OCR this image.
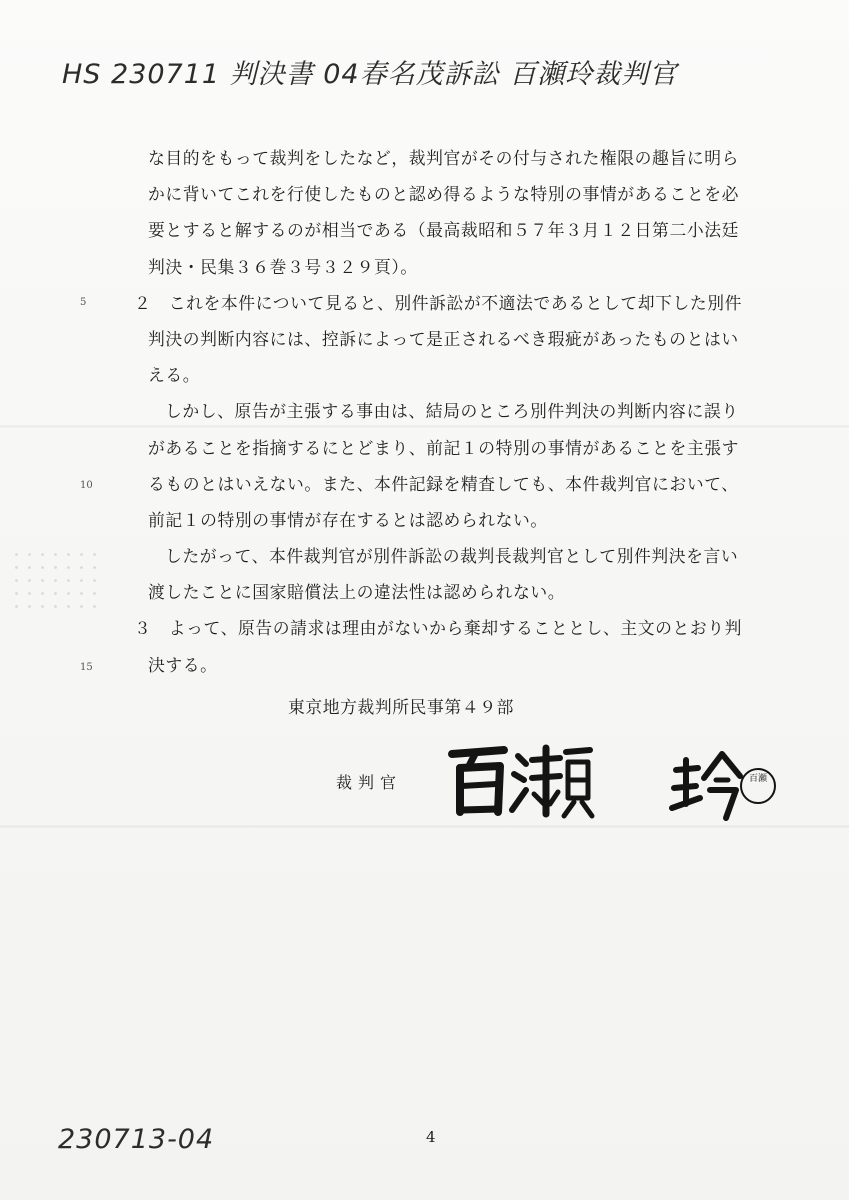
HS 230711 判決書 04春名茂訴訟 百瀬玲裁判官
な目的をもって裁判をしたなど，裁判官がその付与された権限の趣旨に明ら
かに背いてこれを行使したものと認め得るような特別の事情があることを必
要とすると解するのが相当である（最高裁昭和５７年３月１２日第二小法廷
判決・民集３６巻３号３２９頁）。
２　これを本件について見ると、別件訴訟が不適法であるとして却下した別件
判決の判断内容には、控訴によって是正されるべき瑕疵があったものとはい
える。
しかし、原告が主張する事由は、結局のところ別件判決の判断内容に誤り
があることを指摘するにとどまり、前記１の特別の事情があることを主張す
るものとはいえない。また、本件記録を精査しても、本件裁判官において、
前記１の特別の事情が存在するとは認められない。
したがって、本件裁判官が別件訴訟の裁判長裁判官として別件判決を言い
渡したことに国家賠償法上の違法性は認められない。
３　よって、原告の請求は理由がないから棄却することとし、主文のとおり判
決する。
5
10
15
東京地方裁判所民事第４９部
裁判官	百瀬
4
230713-04
